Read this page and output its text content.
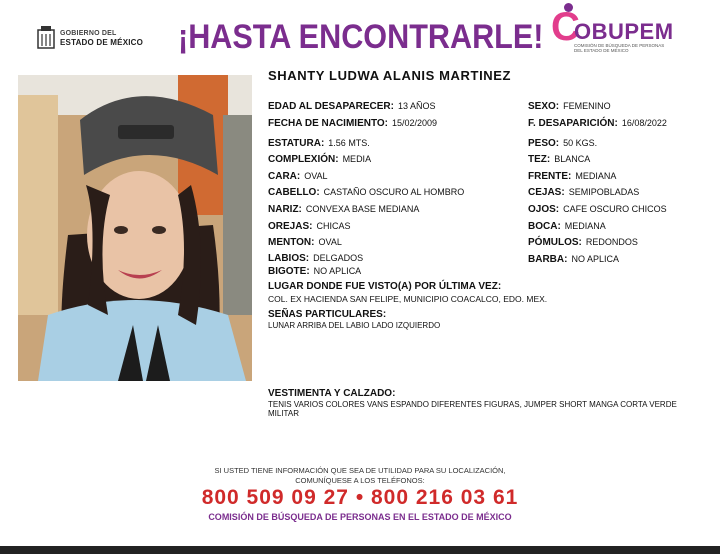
GOBIERNO DEL
ESTADO DE MÉXICO ¡HASTA ENCONTRARLE! C
OBUPEM
COMISIÓN DE BÚSQUEDA DE PERSONAS DEL ESTADO DE MÉXICO
SHANTY LUDWA ALANIS MARTINEZ
EDAD AL DESAPARECER: 13 AÑOS
FECHA DE NACIMIENTO: 15/02/2009
ESTATURA: 1.56 MTS.
COMPLEXIÓN: MEDIA
CARA: OVAL
CABELLO: CASTAÑO OSCURO AL HOMBRO
NARIZ: CONVEXA BASE MEDIANA
OREJAS: CHICAS
MENTON: OVAL
LABIOS: DELGADOS
BIGOTE: NO APLICA
SEXO: FEMENINO
F. DESAPARICIÓN: 16/08/2022
PESO: 50 KGS.
TEZ: BLANCA
FRENTE: MEDIANA
CEJAS: SEMIPOBLADAS
OJOS: CAFE OSCURO CHICOS
BOCA: MEDIANA
PÓMULOS: REDONDOS
BARBA: NO APLICA
LUGAR DONDE FUE VISTO(A) POR ÚLTIMA VEZ:
COL. EX HACIENDA SAN FELIPE, MUNICIPIO COACALCO, EDO. MEX.
SEÑAS PARTICULARES:
LUNAR ARRIBA DEL LABIO LADO IZQUIERDO
VESTIMENTA Y CALZADO:
TENIS VARIOS COLORES VANS ESPANDO DIFERENTES FIGURAS, JUMPER SHORT MANGA CORTA VERDE MILITAR
SI USTED TIENE INFORMACIÓN QUE SEA DE UTILIDAD PARA SU LOCALIZACIÓN,
COMUNÍQUESE A LOS TELÉFONOS:
800 509 09 27 • 800 216 03 61
COMISIÓN DE BÚSQUEDA DE PERSONAS EN EL ESTADO DE MÉXICO
